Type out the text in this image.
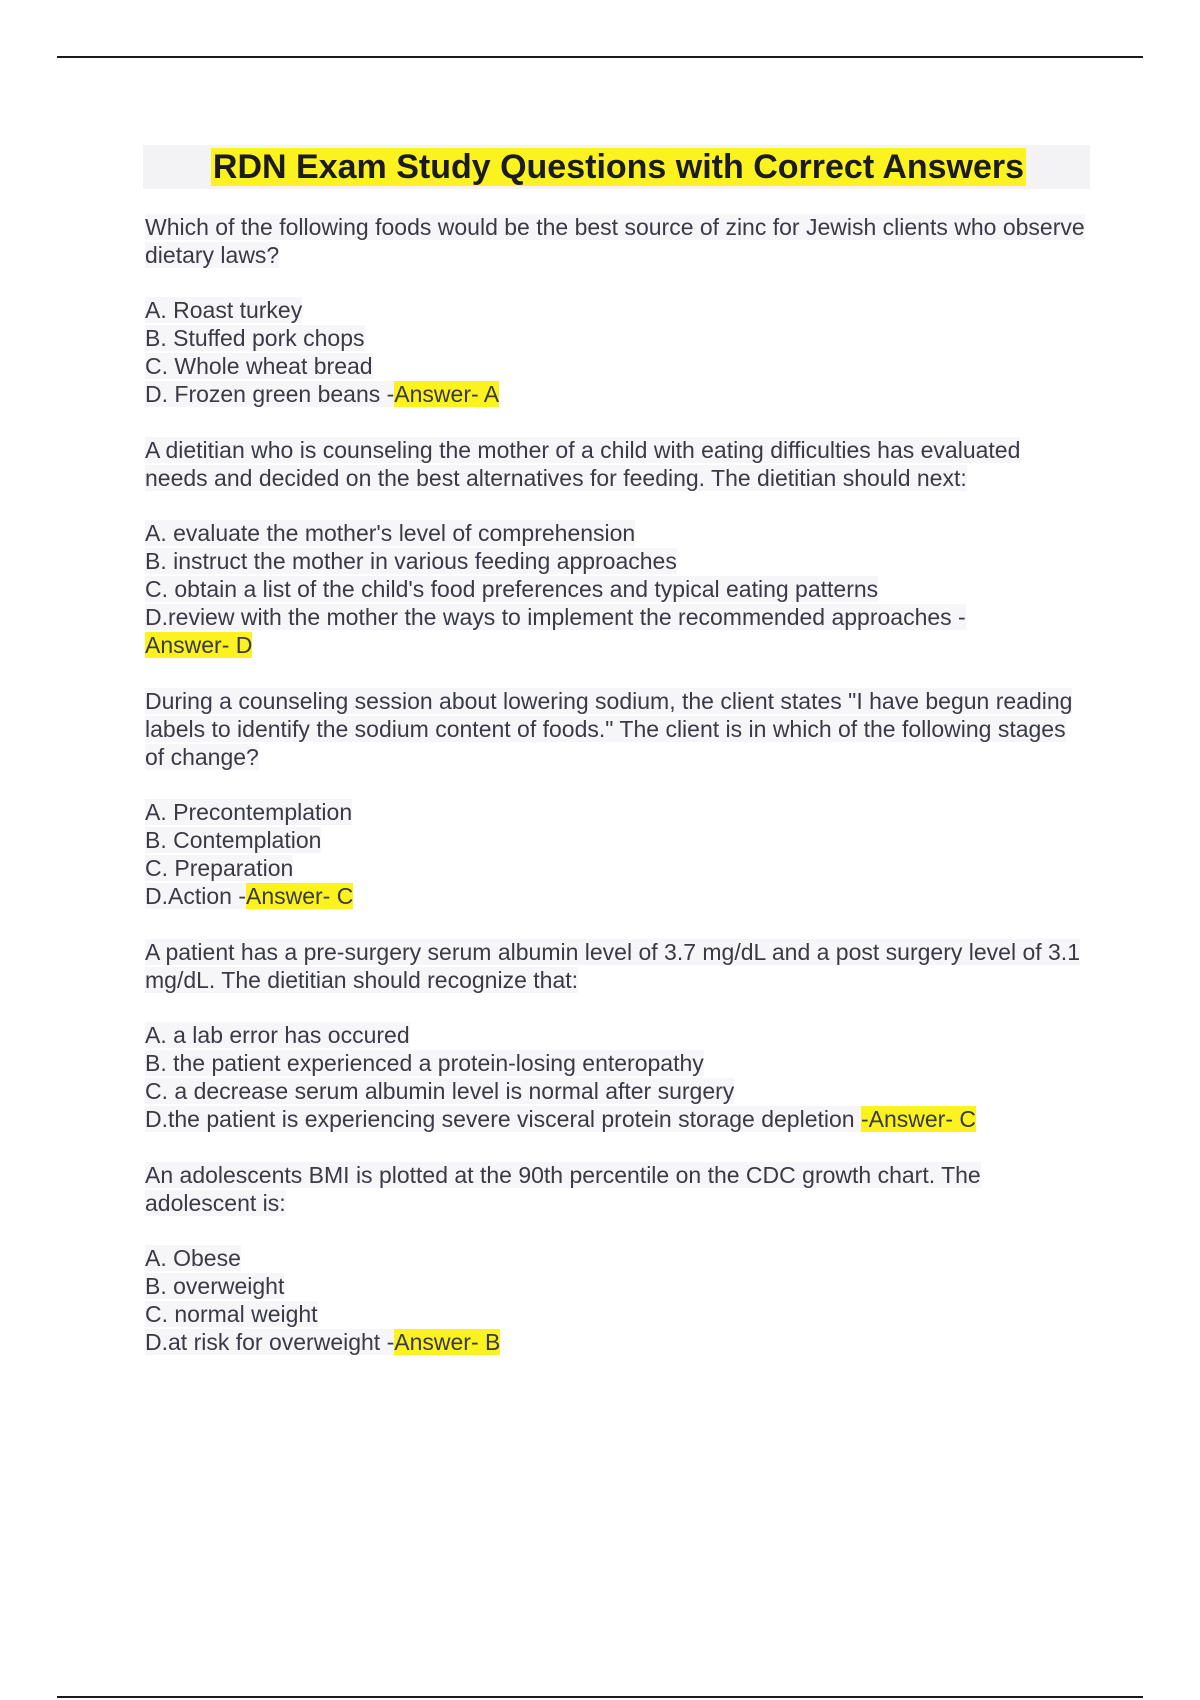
RDN Exam Study Questions with Correct Answers
Which of the following foods would be the best source of zinc for Jewish clients who observe dietary laws?
A. Roast turkey
B. Stuffed pork chops
C. Whole wheat bread
D. Frozen green beans -Answer- A
A dietitian who is counseling the mother of a child with eating difficulties has evaluated needs and decided on the best alternatives for feeding. The dietitian should next:
A. evaluate the mother's level of comprehension
B. instruct the mother in various feeding approaches
C. obtain a list of the child's food preferences and typical eating patterns
D.review with the mother the ways to implement the recommended approaches -
Answer- D
During a counseling session about lowering sodium, the client states "I have begun reading labels to identify the sodium content of foods." The client is in which of the following stages of change?
A. Precontemplation
B. Contemplation
C. Preparation
D.Action -Answer- C
A patient has a pre-surgery serum albumin level of 3.7 mg/dL and a post surgery level of 3.1 mg/dL. The dietitian should recognize that:
A. a lab error has occured
B. the patient experienced a protein-losing enteropathy
C. a decrease serum albumin level is normal after surgery
D.the patient is experiencing severe visceral protein storage depletion -Answer- C
An adolescents BMI is plotted at the 90th percentile on the CDC growth chart. The adolescent is:
A. Obese
B. overweight
C. normal weight
D.at risk for overweight -Answer- B
